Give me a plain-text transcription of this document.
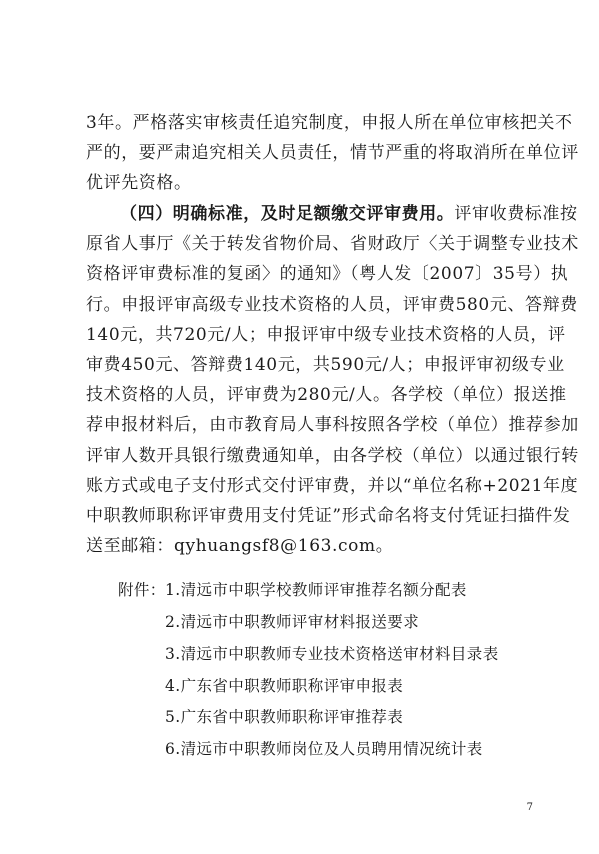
3年。严格落实审核责任追究制度，申报人所在单位审核把关不
严的，要严肃追究相关人员责任，情节严重的将取消所在单位评
优评先资格。
（四）明确标准，及时足额缴交评审费用。评审收费标准按
原省人事厅《关于转发省物价局、省财政厅〈关于调整专业技术
资格评审费标准的复函〉的通知》（粤人发〔2007〕35号）执
行。申报评审高级专业技术资格的人员，评审费580元、答辩费
140元，共720元/人；申报评审中级专业技术资格的人员，评
审费450元、答辩费140元，共590元/人；申报评审初级专业
技术资格的人员，评审费为280元/人。各学校（单位）报送推
荐申报材料后，由市教育局人事科按照各学校（单位）推荐参加
评审人数开具银行缴费通知单，由各学校（单位）以通过银行转
账方式或电子支付形式交付评审费，并以“单位名称+2021年度
中职教师职称评审费用支付凭证”形式命名将支付凭证扫描件发
送至邮箱：qyhuangsf8@163.com。
附件： 1.清远市中职学校教师评审推荐名额分配表
2.清远市中职教师评审材料报送要求
3.清远市中职教师专业技术资格送审材料目录表
4.广东省中职教师职称评审申报表
5.广东省中职教师职称评审推荐表
6.清远市中职教师岗位及人员聘用情况统计表
7
